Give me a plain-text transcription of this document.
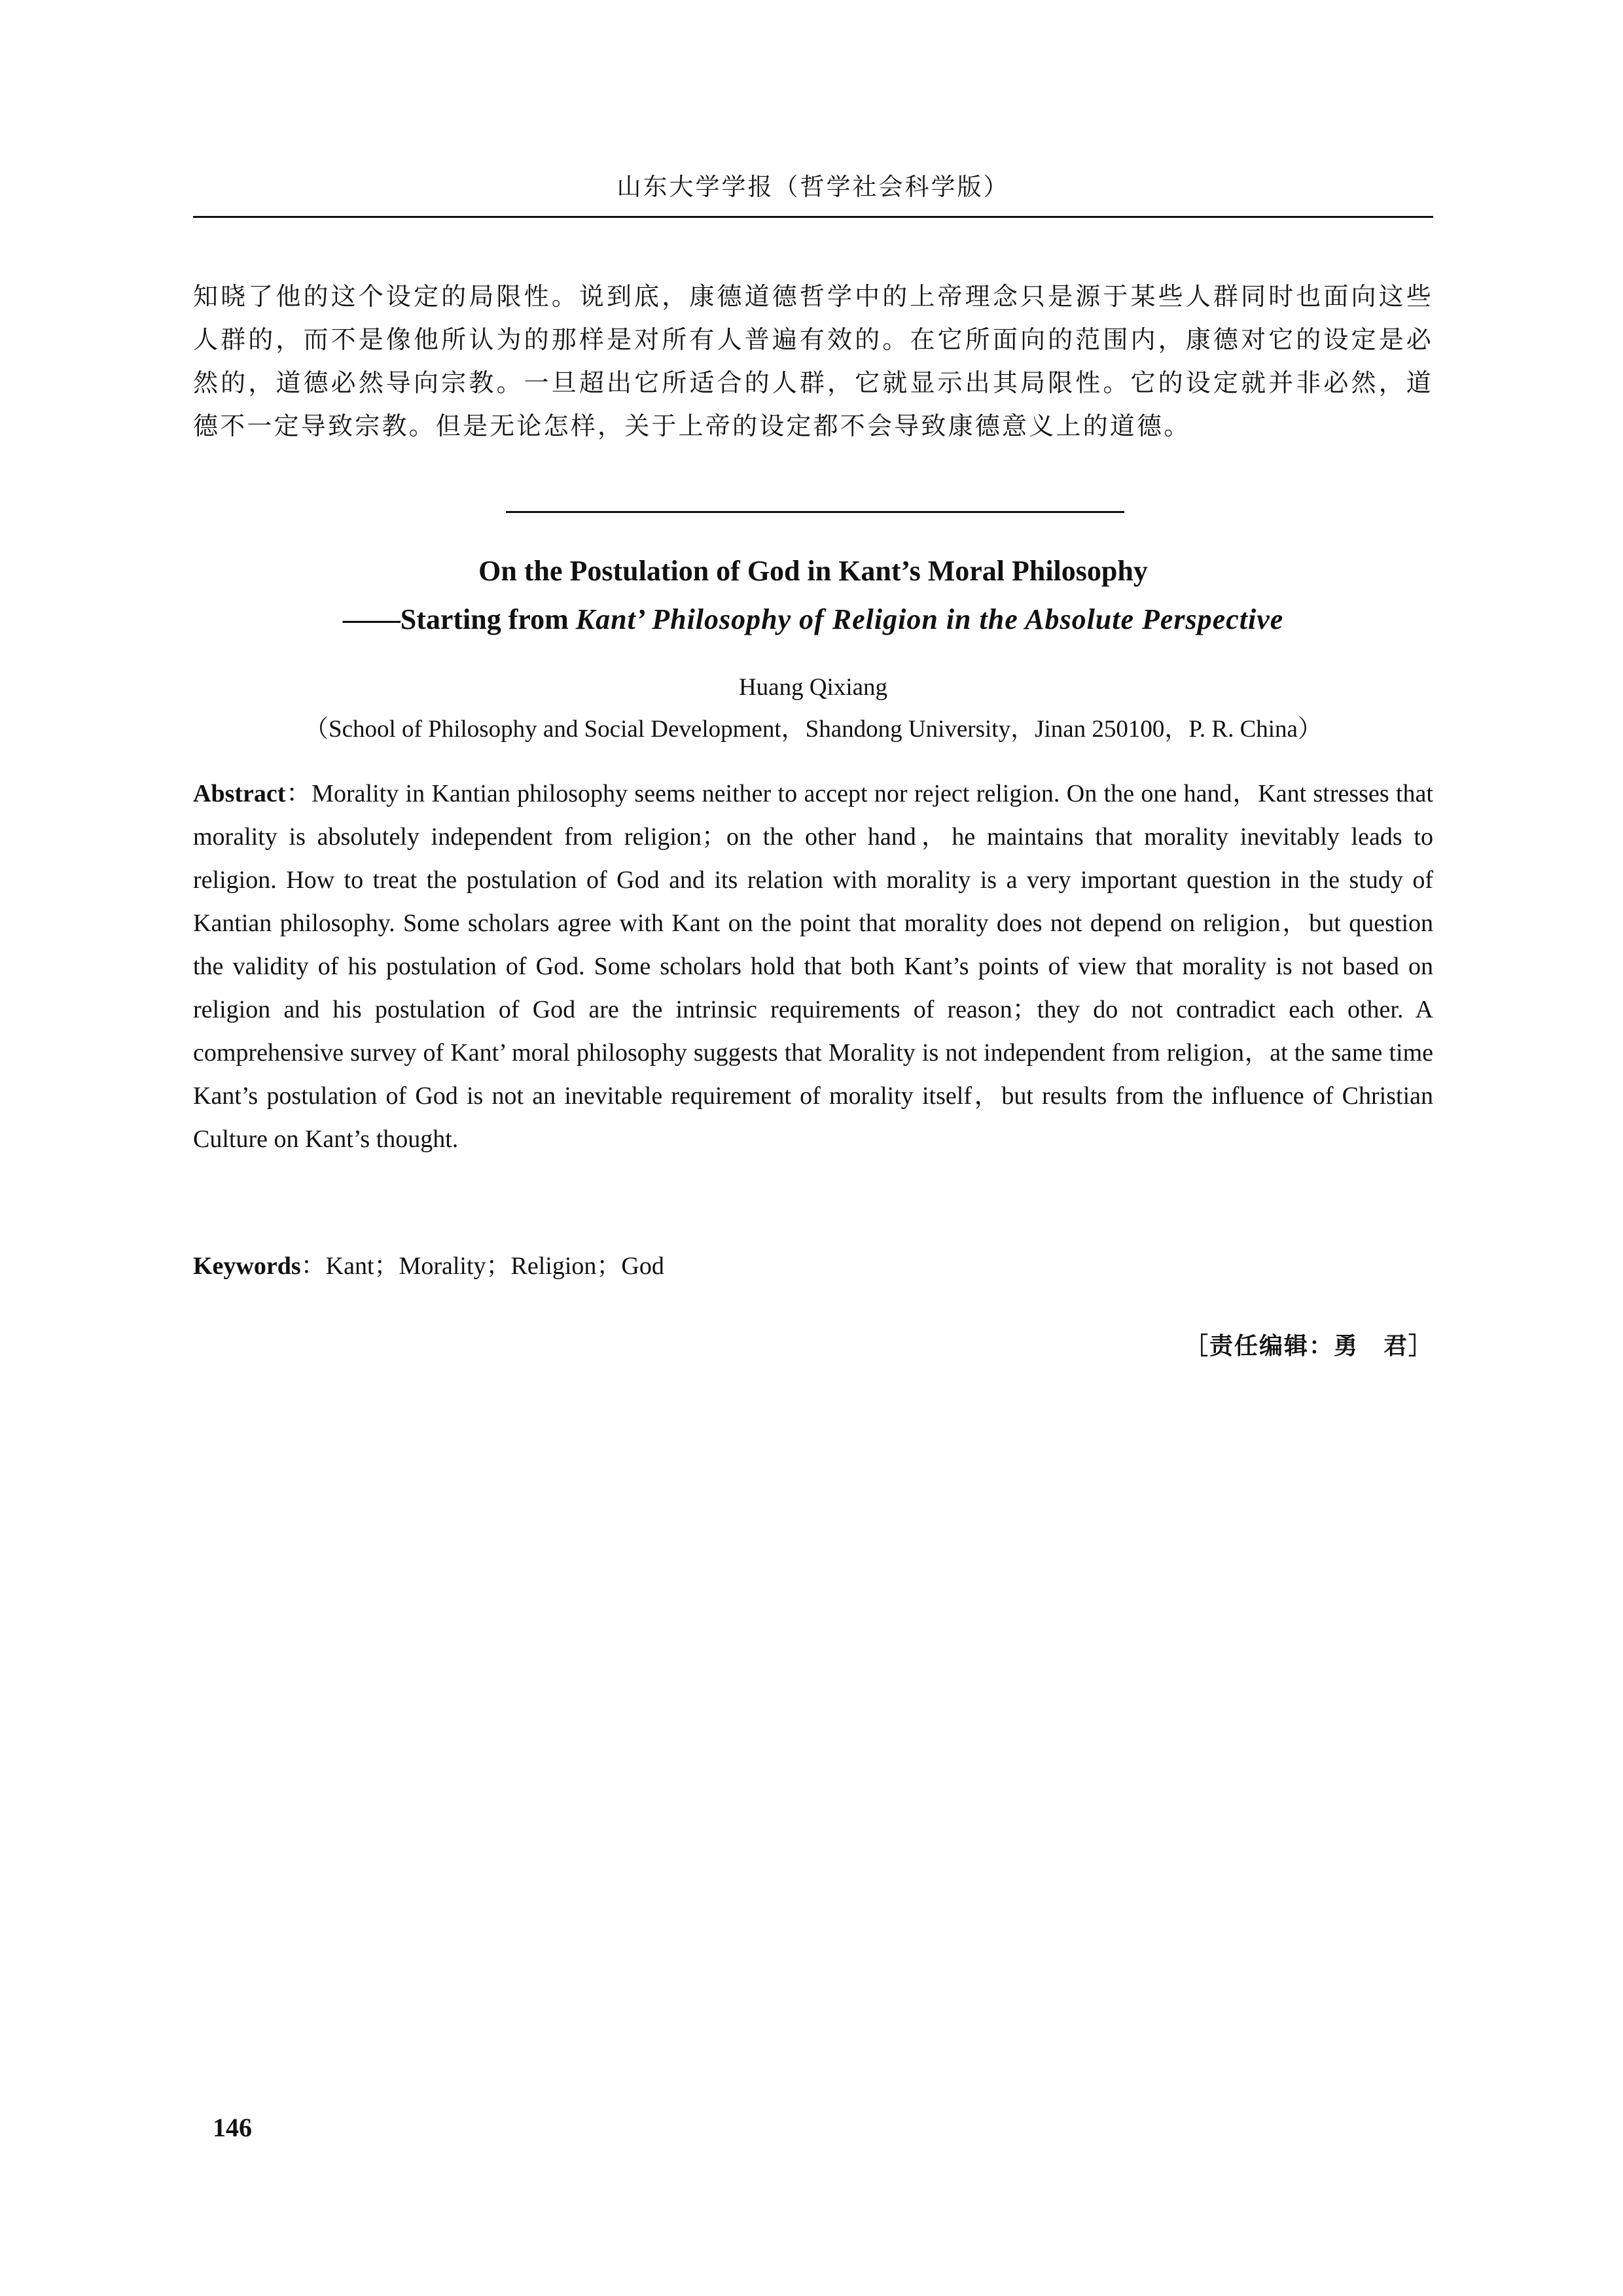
山东大学学报（哲学社会科学版）

知晓了他的这个设定的局限性。说到底，康德道德哲学中的上帝理念只是源于某些人群同时也面向这些人群的，而不是像他所认为的那样是对所有人普遍有效的。在它所面向的范围内，康德对它的设定是必然的，道德必然导向宗教。一旦超出它所适合的人群，它就显示出其局限性。它的设定就并非必然，道德不一定导致宗教。但是无论怎样，关于上帝的设定都不会导致康德意义上的道德。

On the Postulation of God in Kant’s Moral Philosophy
——Starting from Kant’ Philosophy of Religion in the Absolute Perspective
Huang Qixiang
（School of Philosophy and Social Development，Shandong University，Jinan 250100，P. R. China）

Abstract：Morality in Kantian philosophy seems neither to accept nor reject religion. On the one hand，Kant stresses that morality is absolutely independent from religion；on the other hand，he maintains that morality inevitably leads to religion. How to treat the postulation of God and its relation with morality is a very important question in the study of Kantian philosophy. Some scholars agree with Kant on the point that morality does not depend on religion，but question the validity of his postulation of God. Some scholars hold that both Kant’s points of view that morality is not based on religion and his postulation of God are the intrinsic requirements of reason；they do not contradict each other. A comprehensive survey of Kant’ moral philosophy suggests that Morality is not independent from religion，at the same time Kant’s postulation of God is not an inevitable requirement of morality itself，but results from the influence of Christian Culture on Kant’s thought.

Keywords：Kant；Morality；Religion；God
［责任编辑：勇　君］
146
